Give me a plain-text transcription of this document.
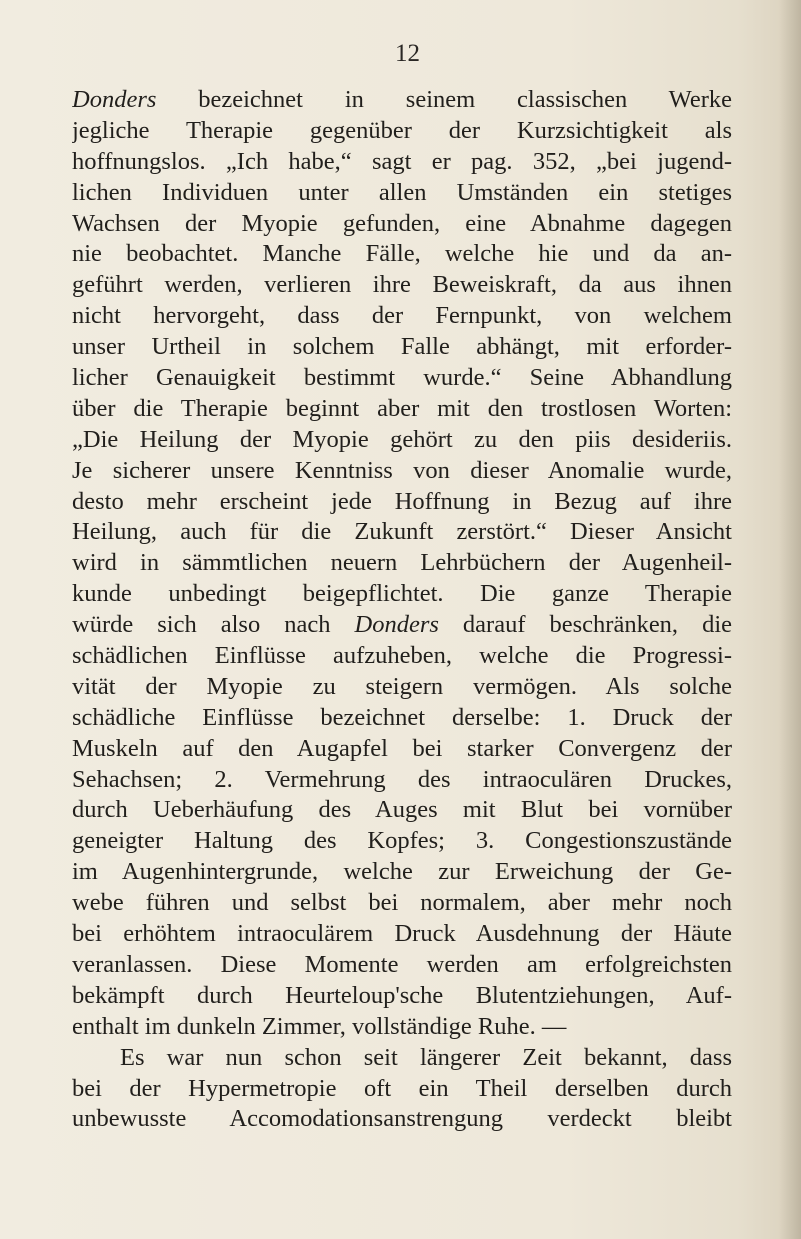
12
Donders bezeichnet in seinem classischen Werke
jegliche Therapie gegenüber der Kurzsichtigkeit als
hoffnungslos. „Ich habe,“ sagt er pag. 352, „bei jugend-
lichen Individuen unter allen Umständen ein stetiges
Wachsen der Myopie gefunden, eine Abnahme dagegen
nie beobachtet. Manche Fälle, welche hie und da an-
geführt werden, verlieren ihre Beweiskraft, da aus ihnen
nicht hervorgeht, dass der Fernpunkt, von welchem
unser Urtheil in solchem Falle abhängt, mit erforder-
licher Genauigkeit bestimmt wurde.“ Seine Abhandlung
über die Therapie beginnt aber mit den trostlosen Worten:
„Die Heilung der Myopie gehört zu den piis desideriis.
Je sicherer unsere Kenntniss von dieser Anomalie wurde,
desto mehr erscheint jede Hoffnung in Bezug auf ihre
Heilung, auch für die Zukunft zerstört.“ Dieser Ansicht
wird in sämmtlichen neuern Lehrbüchern der Augenheil-
kunde unbedingt beigepflichtet. Die ganze Therapie
würde sich also nach Donders darauf beschränken, die
schädlichen Einflüsse aufzuheben, welche die Progressi-
vität der Myopie zu steigern vermögen. Als solche
schädliche Einflüsse bezeichnet derselbe: 1. Druck der
Muskeln auf den Augapfel bei starker Convergenz der
Sehachsen; 2. Vermehrung des intraoculären Druckes,
durch Ueberhäufung des Auges mit Blut bei vornüber
geneigter Haltung des Kopfes; 3. Congestionszustände
im Augenhintergrunde, welche zur Erweichung der Ge-
webe führen und selbst bei normalem, aber mehr noch
bei erhöhtem intraoculärem Druck Ausdehnung der Häute
veranlassen. Diese Momente werden am erfolgreichsten
bekämpft durch Heurteloup'sche Blutentziehungen, Auf-
enthalt im dunkeln Zimmer, vollständige Ruhe. —
Es war nun schon seit längerer Zeit bekannt, dass
bei der Hypermetropie oft ein Theil derselben durch
unbewusste Accomodationsanstrengung verdeckt bleibt
